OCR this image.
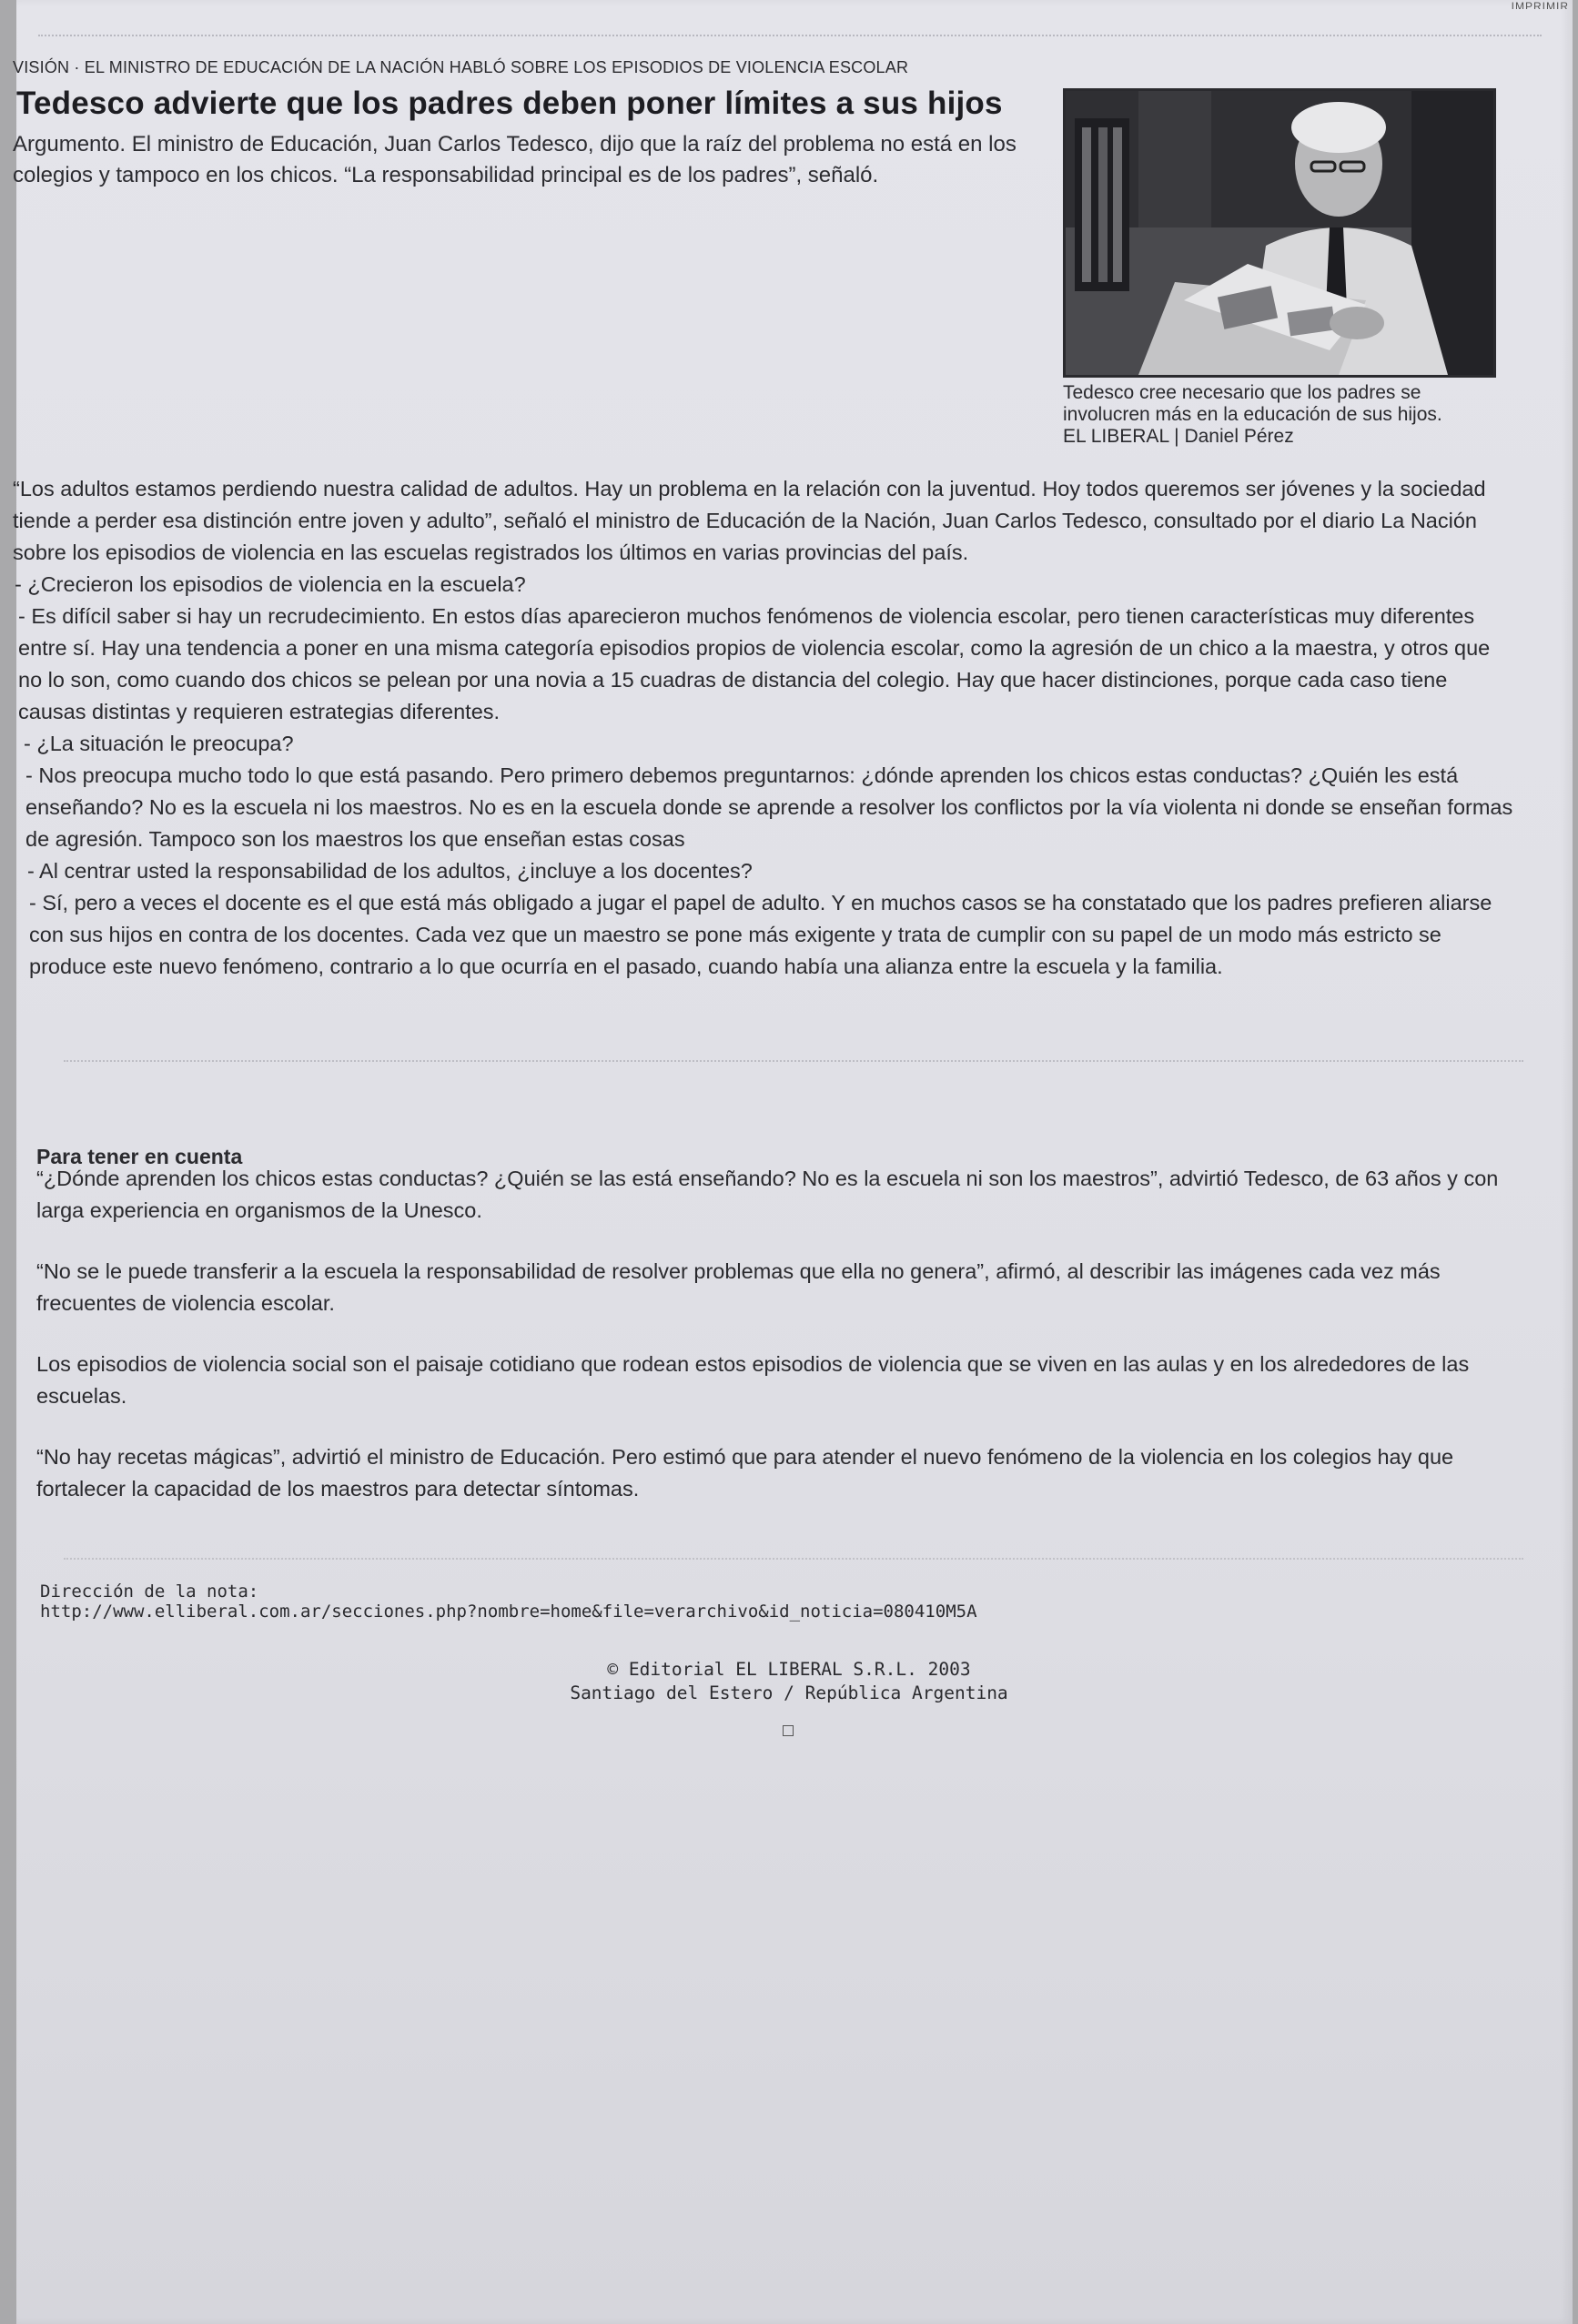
IMPRIMIR
VISIÓN · EL MINISTRO DE EDUCACIÓN DE LA NACIÓN HABLÓ SOBRE LOS EPISODIOS DE VIOLENCIA ESCOLAR
Tedesco advierte que los padres deben poner límites a sus hijos
Argumento. El ministro de Educación, Juan Carlos Tedesco, dijo que la raíz del problema no está en los colegios y tampoco en los chicos. “La responsabilidad principal es de los padres”, señaló.

Tedesco cree necesario que los padres se involucren más en la educación de sus hijos.

EL LIBERAL | Daniel Pérez

“Los adultos estamos perdiendo nuestra calidad de adultos. Hay un problema en la relación con la juventud. Hoy todos queremos ser jóvenes y la sociedad tiende a perder esa distinción entre joven y adulto”, señaló el ministro de Educación de la Nación, Juan Carlos Tedesco, consultado por el diario La Nación sobre los episodios de violencia en las escuelas registrados los últimos en varias provincias del país.

- ¿Crecieron los episodios de violencia en la escuela?

- Es difícil saber si hay un recrudecimiento. En estos días aparecieron muchos fenómenos de violencia escolar, pero tienen características muy diferentes entre sí. Hay una tendencia a poner en una misma categoría episodios propios de violencia escolar, como la agresión de un chico a la maestra, y otros que no lo son, como cuando dos chicos se pelean por una novia a 15 cuadras de distancia del colegio. Hay que hacer distinciones, porque cada caso tiene causas distintas y requieren estrategias diferentes.

- ¿La situación le preocupa?

- Nos preocupa mucho todo lo que está pasando. Pero primero debemos preguntarnos: ¿dónde aprenden los chicos estas conductas? ¿Quién les está enseñando? No es la escuela ni los maestros. No es en la escuela donde se aprende a resolver los conflictos por la vía violenta ni donde se enseñan formas de agresión. Tampoco son los maestros los que enseñan estas cosas

- Al centrar usted la responsabilidad de los adultos, ¿incluye a los docentes?

- Sí, pero a veces el docente es el que está más obligado a jugar el papel de adulto. Y en muchos casos se ha constatado que los padres prefieren aliarse con sus hijos en contra de los docentes. Cada vez que un maestro se pone más exigente y trata de cumplir con su papel de un modo más estricto se produce este nuevo fenómeno, contrario a lo que ocurría en el pasado, cuando había una alianza entre la escuela y la familia.

Para tener en cuenta

“¿Dónde aprenden los chicos estas conductas? ¿Quién se las está enseñando? No es la escuela ni son los maestros”, advirtió Tedesco, de 63 años y con larga experiencia en organismos de la Unesco.

“No se le puede transferir a la escuela la responsabilidad de resolver problemas que ella no genera”, afirmó, al describir las imágenes cada vez más frecuentes de violencia escolar.

Los episodios de violencia social son el paisaje cotidiano que rodean estos episodios de violencia que se viven en las aulas y en los alrededores de las escuelas.

“No hay recetas mágicas”, advirtió el ministro de Educación. Pero estimó que para atender el nuevo fenómeno de la violencia en los colegios hay que fortalecer la capacidad de los maestros para detectar síntomas.

Dirección de la nota:
http://www.elliberal.com.ar/secciones.php?nombre=home&file=verarchivo&id_noticia=080410M5A

© Editorial EL LIBERAL S.R.L. 2003

Santiago del Estero / República Argentina
